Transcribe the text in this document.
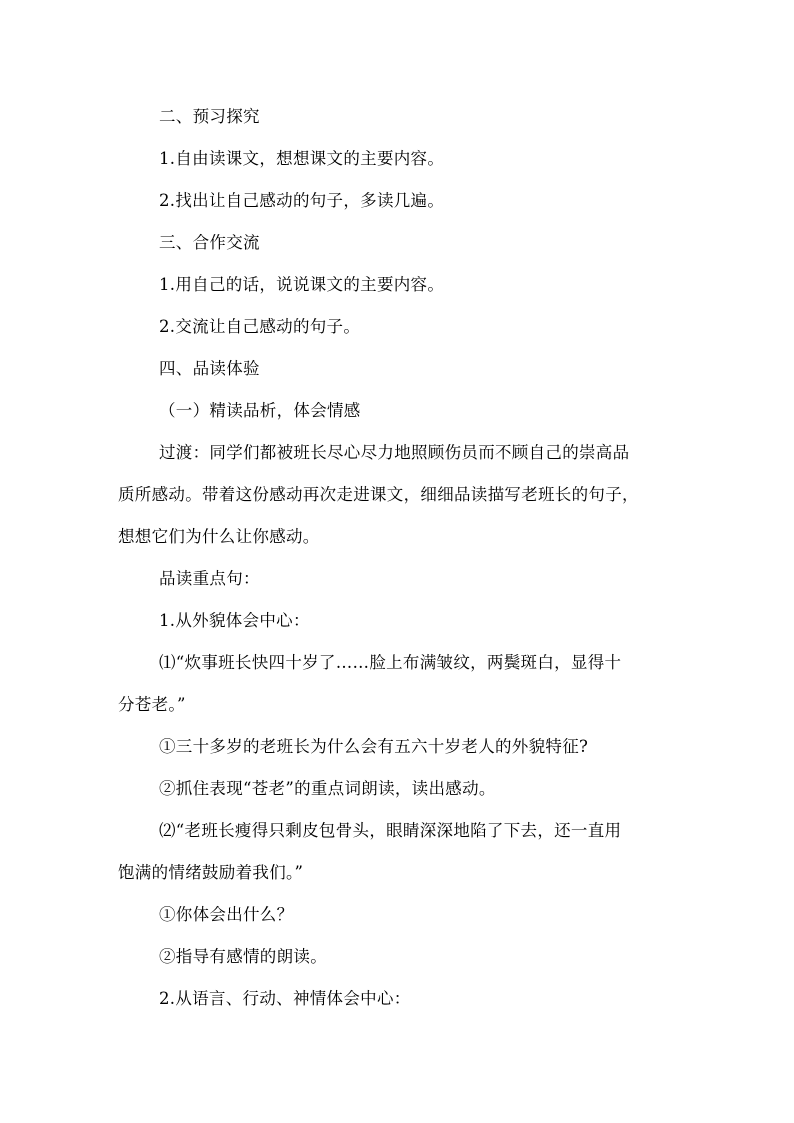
二、预习探究
1.自由读课文，想想课文的主要内容。
2.找出让自己感动的句子，多读几遍。
三、合作交流
1.用自己的话，说说课文的主要内容。
2.交流让自己感动的句子。
四、品读体验
（一）精读品析，体会情感
过渡：同学们都被班长尽心尽力地照顾伤员而不顾自己的崇高品
质所感动。带着这份感动再次走进课文，细细品读描写老班长的句子，
想想它们为什么让你感动。
品读重点句：
1.从外貌体会中心：
⑴“炊事班长快四十岁了……脸上布满皱纹，两鬓斑白，显得十
分苍老。”
①三十多岁的老班长为什么会有五六十岁老人的外貌特征?
②抓住表现“苍老”的重点词朗读，读出感动。
⑵“老班长瘦得只剩皮包骨头，眼睛深深地陷了下去，还一直用
饱满的情绪鼓励着我们。”
①你体会出什么？
②指导有感情的朗读。
2.从语言、行动、神情体会中心：
